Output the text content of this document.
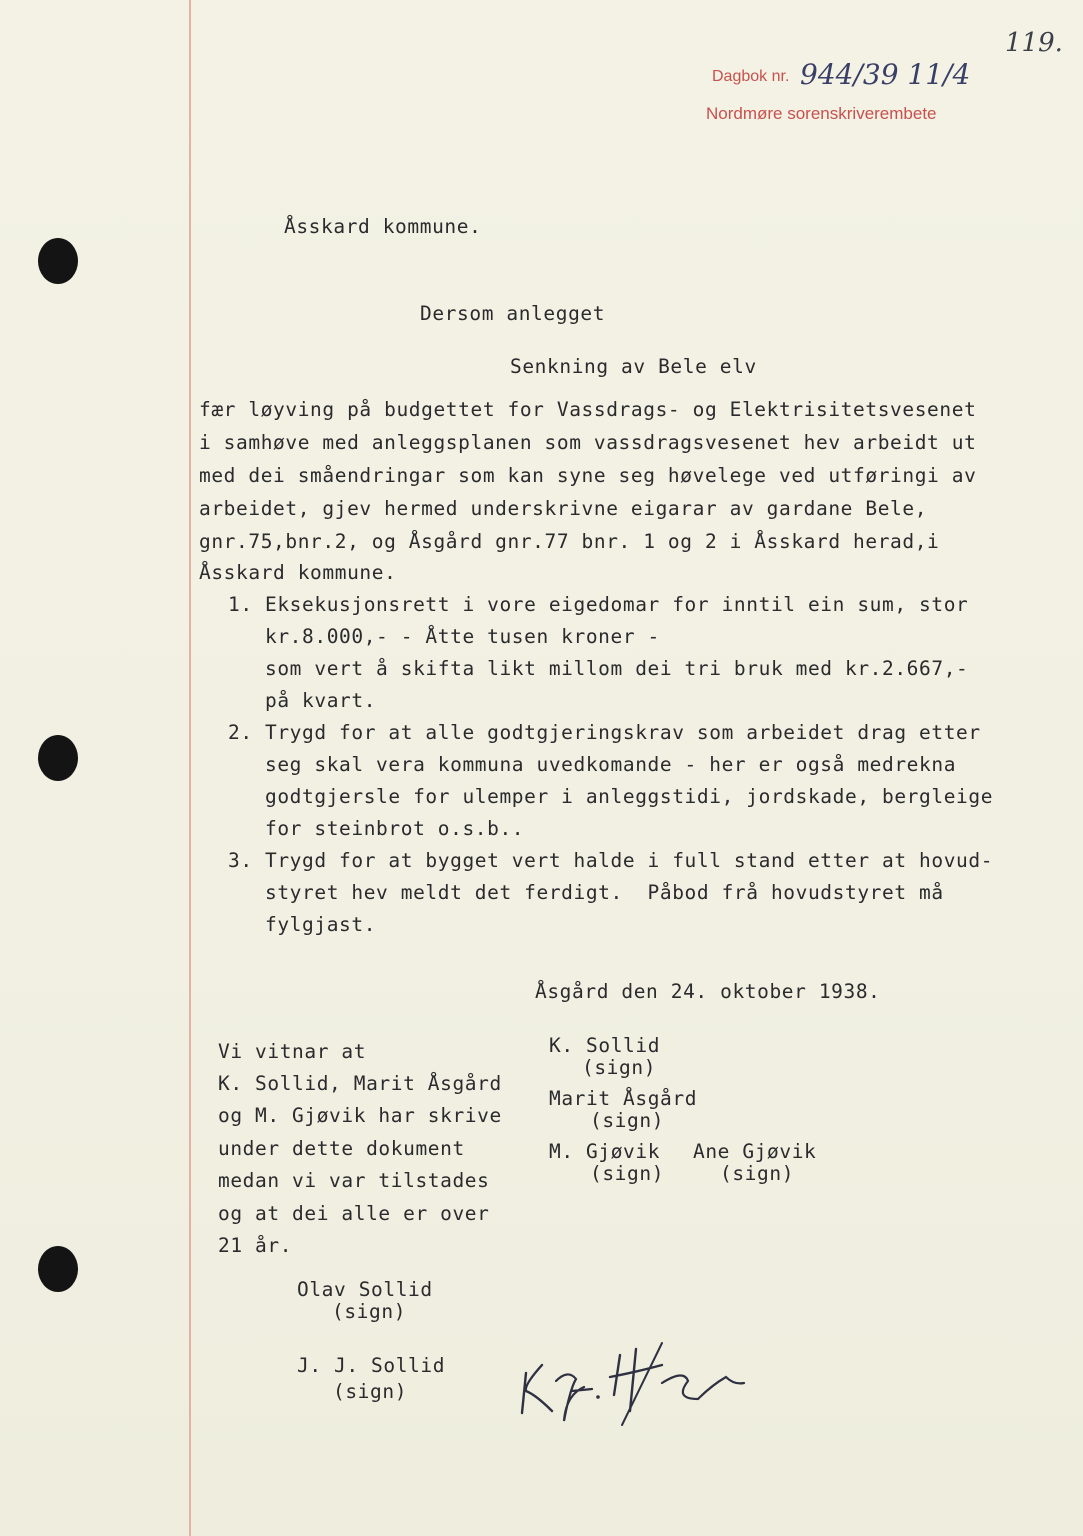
119.
Dagbok nr. 944/39 11/4
Nordmøre sorenskriverembete
Åsskard kommune.
Dersom anlegget
Senkning av Bele elv
fær løyving på budgettet for Vassdrags- og Elektrisitetsvesenet
i samhøve med anleggsplanen som vassdragsvesenet hev arbeidt ut
med dei småendringar som kan syne seg høvelege ved utføringi av
arbeidet, gjev hermed underskrivne eigarar av gardane Bele,
gnr.75,bnr.2, og Åsgård gnr.77 bnr. 1 og 2 i Åsskard herad,i
Åsskard kommune.
1. Eksekusjonsrett i vore eigedomar for inntil ein sum, stor
kr.8.000,- - Åtte tusen kroner -
som vert å skifta likt millom dei tri bruk med kr.2.667,-
på kvart.
2. Trygd for at alle godtgjeringskrav som arbeidet drag etter
seg skal vera kommuna uvedkomande - her er også medrekna
godtgjersle for ulemper i anleggstidi, jordskade, bergleige
for steinbrot o.s.b..
3. Trygd for at bygget vert halde i full stand etter at hovud-
styret hev meldt det ferdigt.  Påbod frå hovudstyret må
fylgjast.
Åsgård den 24. oktober 1938.
Vi vitnar at
K. Sollid, Marit Åsgård
og M. Gjøvik har skrive
under dette dokument
medan vi var tilstades
og at dei alle er over
21 år.
K. Sollid
(sign)
Marit Åsgård
(sign)
M. Gjøvik
(sign)
Ane Gjøvik
(sign)
Olav Sollid
(sign)
J. J. Sollid
(sign)
